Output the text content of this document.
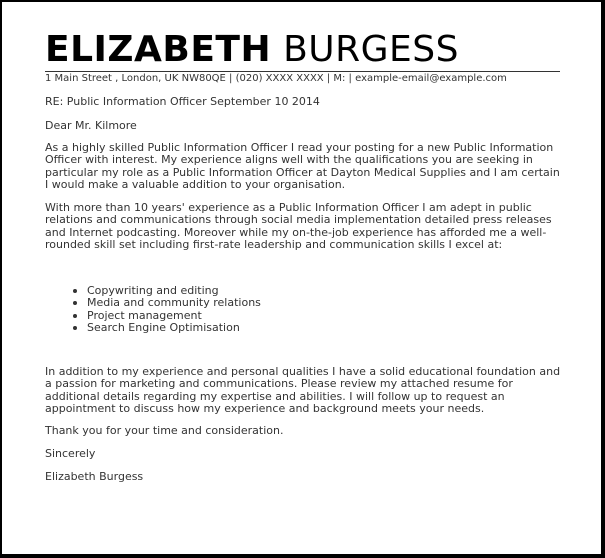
ELIZABETH BURGESS
1 Main Street , London, UK NW80QE | (020) XXXX XXXX | M: | example-email@example.com

RE: Public Information Officer September 10 2014

Dear Mr. Kilmore

As a highly skilled Public Information Officer I read your posting for a new Public Information Officer with interest. My experience aligns well with the qualifications you are seeking in particular my role as a Public Information Officer at Dayton Medical Supplies and I am certain I would make a valuable addition to your organisation.

With more than 10 years' experience as a Public Information Officer I am adept in public relations and communications through social media implementation detailed press releases and Internet podcasting. Moreover while my on-the-job experience has afforded me a well-rounded skill set including first-rate leadership and communication skills I excel at:

Copywriting and editing
Media and community relations
Project management
Search Engine Optimisation

In addition to my experience and personal qualities I have a solid educational foundation and a passion for marketing and communications. Please review my attached resume for additional details regarding my expertise and abilities. I will follow up to request an appointment to discuss how my experience and background meets your needs.

Thank you for your time and consideration.

Sincerely

Elizabeth Burgess
